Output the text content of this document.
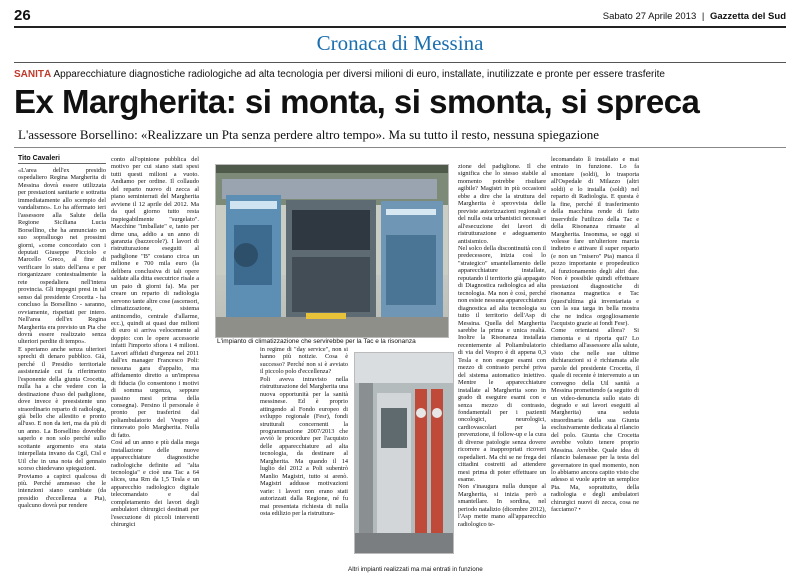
26	Sabato 27 Aprile 2013 | Gazzetta del Sud
Cronaca di Messina
SANITÀ Apparecchiature diagnostiche radiologiche ad alta tecnologia per diversi milioni di euro, installate, inutilizzate e pronte per essere trasferite
Ex Margherita: si monta, si smonta, si spreca
L'assessore Borsellino: «Realizzare un Pta senza perdere altro tempo». Ma su tutto il resto, nessuna spiegazione
Tito Cavaleri
«L'area dell'ex presidio ospedaliero Regina Margherita di Messina dovrà essere utilizzata per prestazioni sanitarie e sottratta immediatamente allo scempio del vandalismo». Lo ha affermato ieri l'assessore alla Salute della Regione Siciliana Lucia Borsellino, che ha annunciato un suo sopralluogo nei prossimi giorni, «come concordato con i deputati Giuseppe Picciolo e Marcello Greco, al fine di verificare lo stato dell'area e per riorganizzare contestualmente la rete ospedaliera nell'intera provincia. Gli impegni presi in tal senso dal presidente Crocetta - ha concluso la Borsellino - saranno, ovviamente, rispettati per intero. Nell'area dell'ex Regina Margherita era previsto un Pta che dovrà essere realizzato senza ulteriori perdite di tempo».
E speriamo anche senza ulteriori sprechi di denaro pubblico. Già, perché il Presidio territoriale assistenziale cui fa riferimento l'esponente della giunta Crocetta, nulla ha a che vedere con la destinazione d'uso del padiglione, dove invece è preesistente uno straordinario reparto di radiologia, già bello che allestito e pronto all'uso. E non da ieri, ma da più di un anno. La Borsellino dovrebbe saperlo e non solo perché sullo scottante argomento era stata interpellata invano da Cgil, Cisl e Uil che in una nota del gennaio scorso chiedevano spiegazioni.
Proviamo a capirci qualcosa di più. Perché ammesso che le intenzioni siano cambiate (da presidio d'eccellenza a Pta), qualcuno dovrà pur rendere
conto all'opinione pubblica del motivo per cui siano stati spesi tutti questi milioni a vuoto. Andiamo per ordine. Il collaudo del reparto nuovo di zecca al piano seminterrati del Margherita avviene il 12 aprile del 2012. Ma da quel giorno tutto resta inspiegabilmente "surgelato". Macchine "imballate" e, tanto per dirne una, addio a un anno di garanzia (bazzecole?). I lavori di ristrutturazione eseguiti al padiglione "B" costano circa un milione e 700 mila euro (la delibera conclusiva di tali opere saldate alla ditta esecutrice risale a un paio di giorni fa). Ma per creare un reparto di radiologia servono tante altre cose (ascensori, climatizzazione, sistema antincendio, centrale d'allarme, ecc.), quindi ai quasi due milioni di euro si arriva velocemente al doppio: con le opere accessorie infatti l'importo sfiora i 4 milioni. Lavori affidati d'urgenza nel 2011 dall'ex manager Francesco Poli: nessuna gara d'appalto, ma affidamento diretto a un'impresa di fiducia (lo consentono i motivi di somma urgenza, seppure passino mesi prima della consegna). Persino il personale è pronto per trasferirsi dal poliambulatorio del Vespro al rinnovato polo Margherita. Nulla di fatto.
Così ad un anno e più dalla mega installazione delle nuove apparecchiature diagnostiche radiologiche definite ad "alta tecnologia" e cioè una Tac a 64 slices, una Rm da 1,5 Tesla e un apparecchio radiologico digitale telecomandato e dal completamento dei lavori degli ambulatori chirurgici destinati per l'esecuzione di piccoli interventi chirurgici
L'impianto di climatizzazione che servirebbe per la Tac e la risonanza
in regime di "day service", non si hanno più notizie. Cosa è successo? Perché non si è avviato il piccolo polo d'eccellenza?
Poli aveva intravisto nella ristrutturazione del Margherita una nuova opportunità per la sanità messinese. Ed è proprio attingendo al Fondo europeo di sviluppo regionale (Fesr), fondi strutturali concernenti la programmazione 2007/2013 che avviò le procedure per l'acquisto delle apparecchiature ad alta tecnologia, da destinare al Margherita. Ma quando il 14 luglio del 2012 a Poli subentrò Manlio Magistri, tutto si arenò. Magistri addusse motivazioni varie: i lavori non erano stati autorizzati dalla Regione, né fu mai presentata richiesta di nulla osta edilizio per la ristruttura-
Altri impianti realizzati ma mai entrati in funzione
zione del padiglione. Il che significa che lo stesso stabile al momento potrebbe risultare agibile? Magistri in più occasioni ebbe a dire che la struttura del Margherita è sprovvista delle previste autorizzazioni regionali e del nulla osta urbanistici necessari all'esecuzione dei lavori di ristrutturazione e adeguamento antisismico.
Nel solco della discontinuità con il predecessore, inizia così lo "strategico" smantellamento delle apparecchiature installate, reputando il territorio già appagato di Diagnostica radiologica ad alta tecnologia. Ma non è così, perché non esiste nessuna apparecchiatura diagnostica ad alta tecnologia su tutto il territorio dell'Asp di Messina. Quella del Margherita sarebbe la prima e unica realtà. Inoltre la Risonanza installata recentemente al Poliambulatorio di via del Vespro è di appena 0,3 Tesla e non esegue esami con mezzo di contrasto perché priva del sistema automatico iniettivo. Mentre le apparecchiature installate al Margherita sono in grado di eseguire esami con e senza mezzo di contrasto, fondamentali per i pazienti oncologici, neurologici, cardiovascolari per la prevenzione, il follow-up e la cura di diverse patologie senza dovere ricorrere a inappropriati ricoveri ospedalieri. Ma chi se ne frega dei cittadini costretti ad attendere mesi prima di poter effettuare un esame.
Non s'inaugura nulla dunque al Margherita, si inizia però a smantellare. In sordina, nel periodo natalizio (dicembre 2012), l'Asp mette mano all'apparecchio radiologico te-
lecomandato lì installato e mai entrato in funzione. Lo fa smontare (soldi), lo trasporta all'Ospedale di Milazzo (altri soldi) e lo installa (soldi) nel reparto di Radiologia. E questa è la fine, perché il trasferimento della macchina rende di fatto inservibile l'utilizzo della Tac e della Risonanza rimaste al Margherita. Insomma, se oggi si volesse fare un'ulteriore marcia indietro e attivare il super reparto (e non un "misero" Pta) manca il pezzo importante e propedeutico al funzionamento degli altri due. Non è possibile quindi effettuare prestazioni diagnostiche di risonanza magnetica e Tac (quest'ultima già inventariata e con la sua targa in bella mostra che ne indica orgogliosamente l'acquisto grazie ai fondi Fesr).
Come orientarsi allora? Si rismonta e si riporta qui? Lo chiediamo all'assessore alla salute, visto che nelle sue ultime dichiarazioni si è richiamata alle parole del presidente Crocetta, il quale di recente è intervenuto a un convegno della Uil sanità a Messina promettendo (a seguito di un video-denuncia sullo stato di degrado e sui lavori eseguiti al Margherita) una seduta straordinaria della sua Giunta esclusivamente dedicata al rilancio del polo. Giunta che Crocetta avrebbe voluto tenere proprio Messina. Avrebbe. Quale idea di rilancio balenasse per la testa del governatore in quel momento, non lo abbiamo ancora capito visto che adesso si vuole aprire un semplice Pta. Ma, soprattutto, della radiologia e degli ambulatori chirurgici nuovi di zecca, cosa ne facciamo? •
